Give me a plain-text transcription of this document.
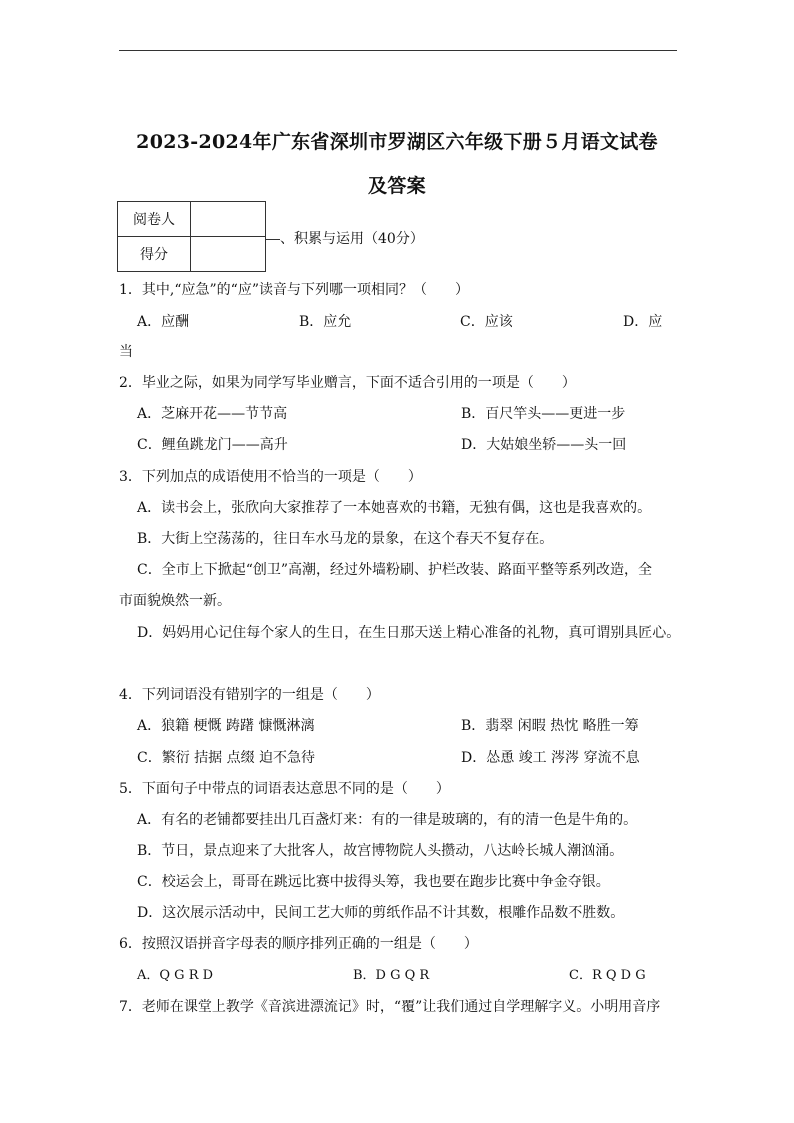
2023-2024年广东省深圳市罗湖区六年级下册５月语文试卷
及答案
阅卷人	
得分	
、积累与运用（40分）
1．其中,“应急”的“应”读音与下列哪一项相同？（　　）
A．应酬	B．应允	C．应该	D．应
当
2．毕业之际，如果为同学写毕业赠言，下面不适合引用的一项是（　　）
A．芝麻开花——节节高	B．百尺竿头——更进一步
C．鲤鱼跳龙门——高升	D．大姑娘坐轿——头一回
3．下列加点的成语使用不恰当的一项是（　　）
A．读书会上，张欣向大家推荐了一本她喜欢的书籍，无独有偶，这也是我喜欢的。
B．大街上空荡荡的，往日车水马龙的景象，在这个春天不复存在。
C．全市上下掀起“创卫”高潮，经过外墙粉刷、护栏改装、路面平整等系列改造，全
市面貌焕然一新。
D．妈妈用心记住每个家人的生日，在生日那天送上精心准备的礼物，真可谓别具匠心。
4．下列词语没有错别字的一组是（　　）
A．狼籍 梗慨 踌躇 慷慨淋漓	B．翡翠 闲暇 热忱 略胜一筹
C．繁衍 拮据 点缀 迫不急待	D．怂恿 竣工 涔涔 穿流不息
5．下面句子中带点的词语表达意思不同的是（　　）
A．有名的老铺都要挂出几百盏灯来：有的一律是玻璃的，有的清一色是牛角的。
B．节日，景点迎来了大批客人，故宫博物院人头攒动，八达岭长城人潮汹涌。
C．校运会上，哥哥在跳远比赛中拔得头筹，我也要在跑步比赛中争金夺银。
D．这次展示活动中，民间工艺大师的剪纸作品不计其数，根雕作品数不胜数。
6．按照汉语拼音字母表的顺序排列正确的一组是（　　）
A．Q G R D	B．D G Q R	C．R Q D G
7．老师在课堂上教学《音滨进漂流记》时，“覆”让我们通过自学理解字义。小明用音序
